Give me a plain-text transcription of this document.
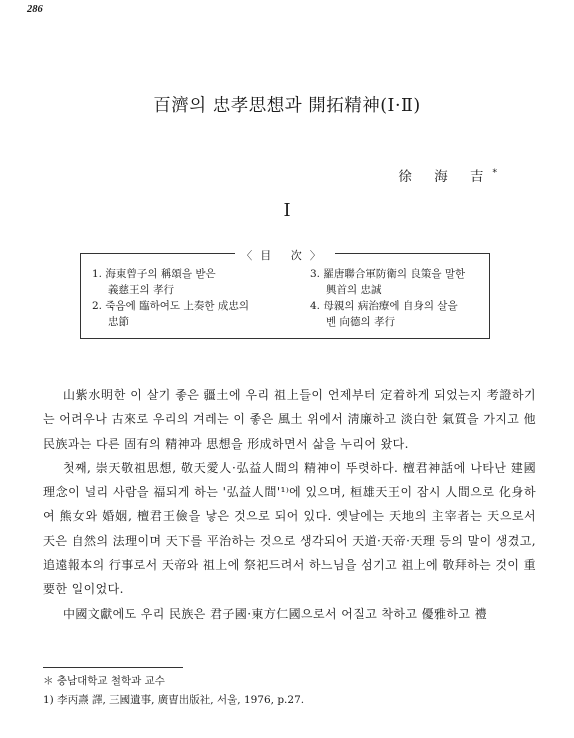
286
百濟의 忠孝思想과 開拓精神(Ⅰ·Ⅱ)
徐 海 吉*
Ⅰ
〈目 次〉
1. 海東曾子의 稱頌을 받은
義慈王의 孝行
2. 죽음에 臨하여도 上奏한 成忠의
忠節
3. 羅唐聯合軍防衛의 良策을 말한
興首의 忠誠
4. 母親의 病治療에 自身의 살을
벤 向德의 孝行

山紫水明한 이 살기 좋은 疆土에 우리 祖上들이 언제부터 定着하게 되었는지 考證하기는 어려우나 古來로 우리의 겨레는 이 좋은 風土 위에서 淸廉하고 淡白한 氣質을 가지고 他民族과는 다른 固有의 精神과 思想을 形成하면서 삶을 누리어 왔다.

첫째, 崇天敬祖思想, 敬天愛人·弘益人間의 精神이 뚜렷하다. 檀君神話에 나타난 建國理念이 널리 사람을 福되게 하는 '弘益人間'¹⁾에 있으며, 桓雄天王이 잠시 人間으로 化身하여 熊女와 婚姻, 檀君王儉을 낳은 것으로 되어 있다. 옛날에는 天地의 主宰者는 天으로서 天은 自然의 法理이며 天下를 平治하는 것으로 생각되어 天道·天帝·天理 등의 말이 생겼고, 追遠報本의 行事로서 天帝와 祖上에 祭祀드려서 하느님을 섬기고 祖上에 敬拜하는 것이 重要한 일이었다.

中國文獻에도 우리 民族은 君子國·東方仁國으로서 어질고 착하고 優雅하고 禮

＊ 충남대학교 철학과 교수
1) 李丙燾 譯, 三國遺事, 廣曺出版社, 서울, 1976, p.27.
